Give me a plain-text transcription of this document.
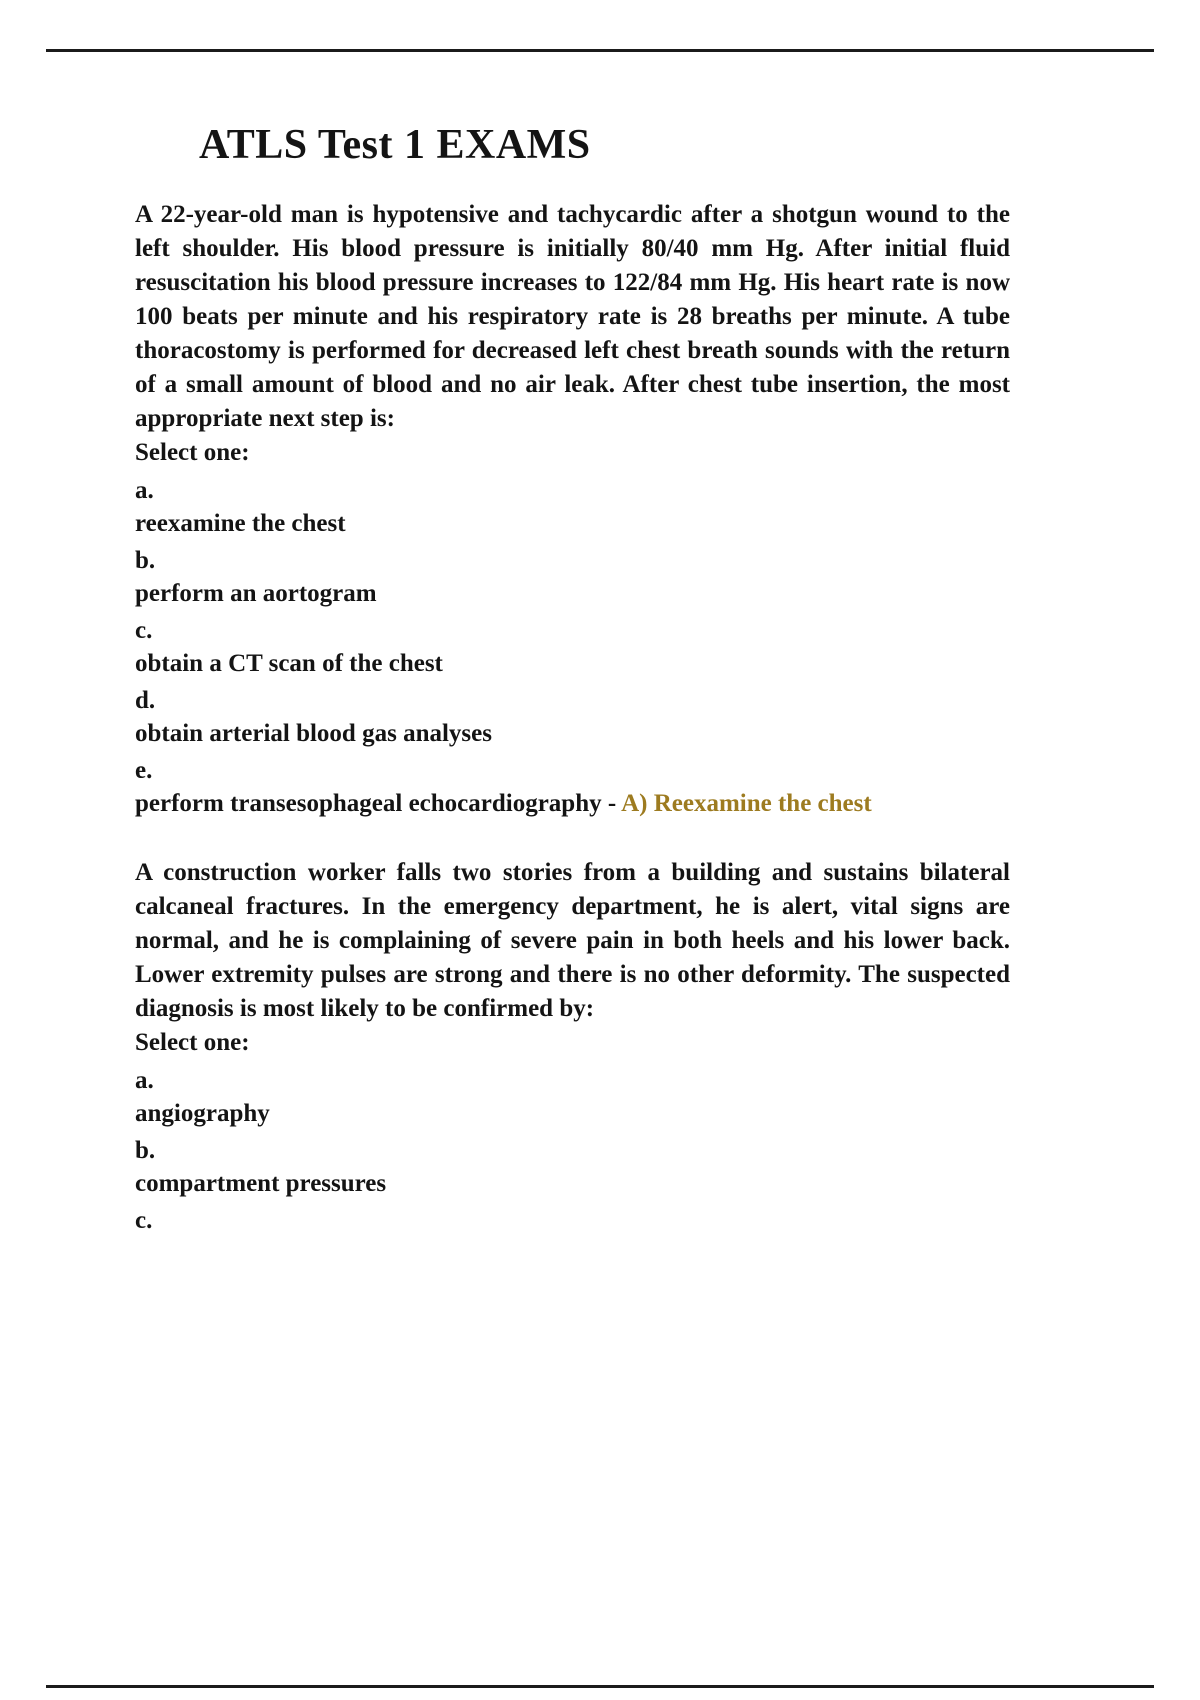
ATLS Test 1 EXAMS

A 22-year-old man is hypotensive and tachycardic after a shotgun wound to the left shoulder. His blood pressure is initially 80/40 mm Hg. After initial fluid resuscitation his blood pressure increases to 122/84 mm Hg. His heart rate is now 100 beats per minute and his respiratory rate is 28 breaths per minute. A tube thoracostomy is performed for decreased left chest breath sounds with the return of a small amount of blood and no air leak. After chest tube insertion, the most appropriate next step is:

Select one:

a.
reexamine the chest
b.
perform an aortogram
c.
obtain a CT scan of the chest
d.
obtain arterial blood gas analyses
e.
perform transesophageal echocardiography - A) Reexamine the chest

A construction worker falls two stories from a building and sustains bilateral calcaneal fractures. In the emergency department, he is alert, vital signs are normal, and he is complaining of severe pain in both heels and his lower back. Lower extremity pulses are strong and there is no other deformity. The suspected diagnosis is most likely to be confirmed by:

Select one:

a.
angiography
b.
compartment pressures
c.
